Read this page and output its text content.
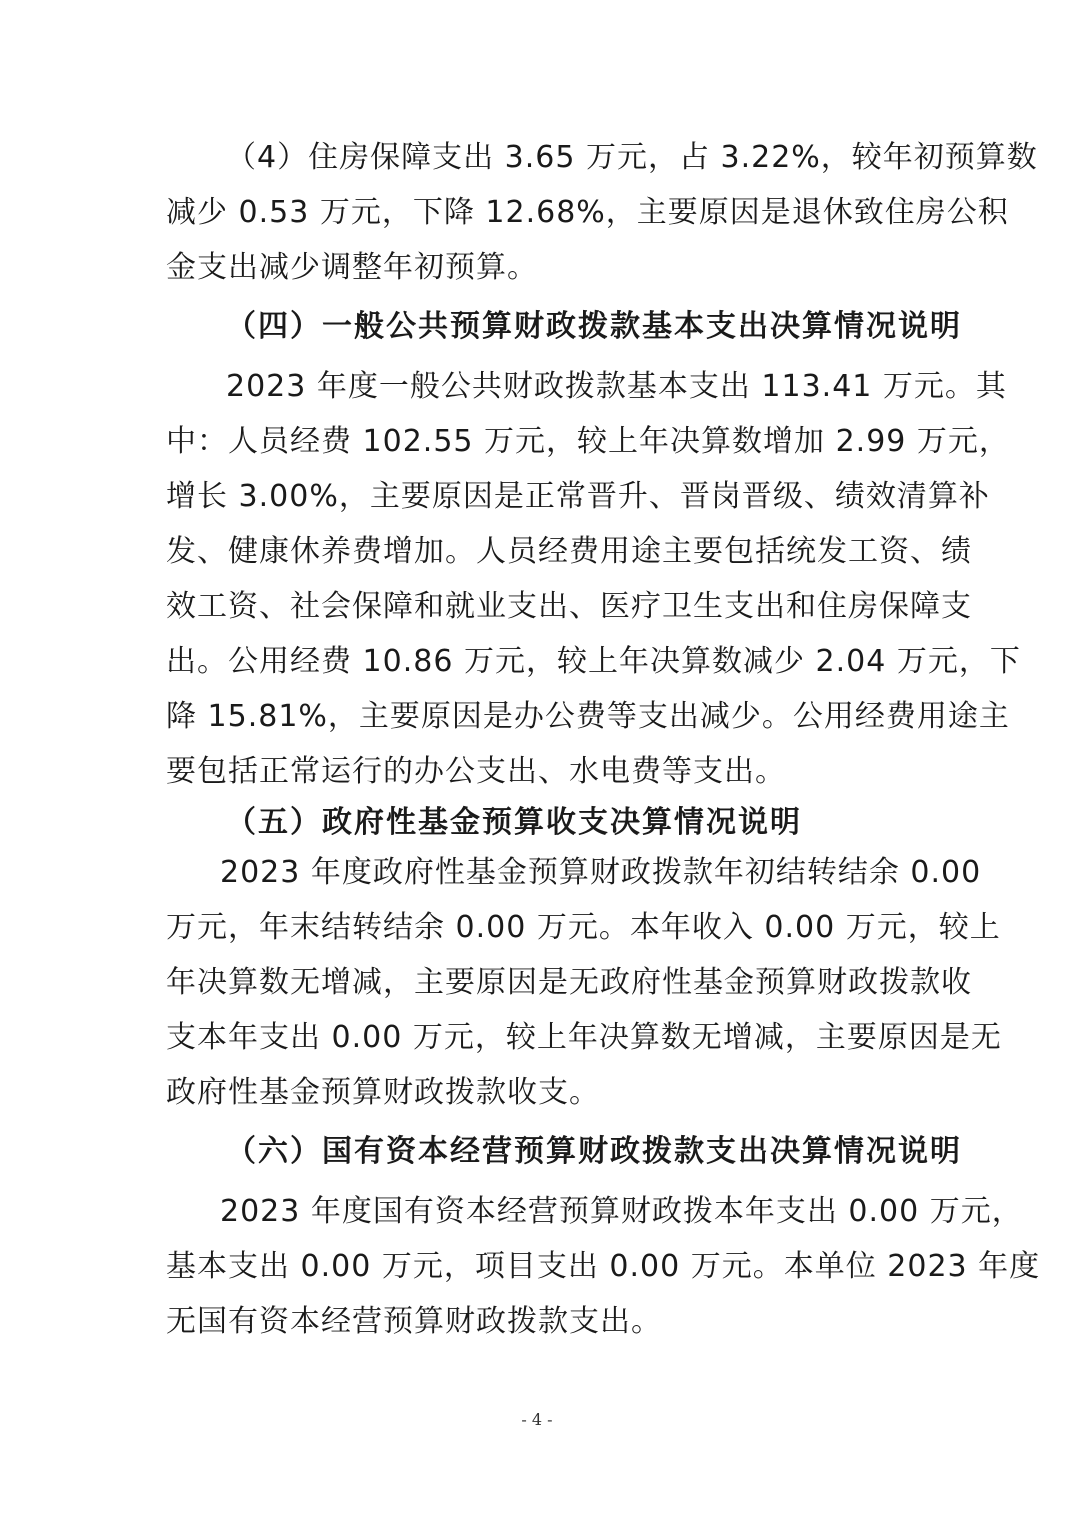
（4）住房保障支出 3.65 万元，占 3.22%，较年初预算数
减少 0.53 万元，下降 12.68%，主要原因是退休致住房公积
金支出减少调整年初预算。
（四）一般公共预算财政拨款基本支出决算情况说明
2023 年度一般公共财政拨款基本支出 113.41 万元。其
中：人员经费 102.55 万元，较上年决算数增加 2.99 万元，
增长 3.00%，主要原因是正常晋升、晋岗晋级、绩效清算补
发、健康休养费增加。人员经费用途主要包括统发工资、绩
效工资、社会保障和就业支出、医疗卫生支出和住房保障支
出。公用经费 10.86 万元，较上年决算数减少 2.04 万元，下
降 15.81%，主要原因是办公费等支出减少。公用经费用途主
要包括正常运行的办公支出、水电费等支出。
（五）政府性基金预算收支决算情况说明
2023 年度政府性基金预算财政拨款年初结转结余 0.00
万元，年末结转结余 0.00 万元。本年收入 0.00 万元，较上
年决算数无增减，主要原因是无政府性基金预算财政拨款收
支本年支出 0.00 万元，较上年决算数无增减，主要原因是无
政府性基金预算财政拨款收支。
（六）国有资本经营预算财政拨款支出决算情况说明
2023 年度国有资本经营预算财政拨本年支出 0.00 万元，
基本支出 0.00 万元，项目支出 0.00 万元。本单位 2023 年度
无国有资本经营预算财政拨款支出。
- 4 -
